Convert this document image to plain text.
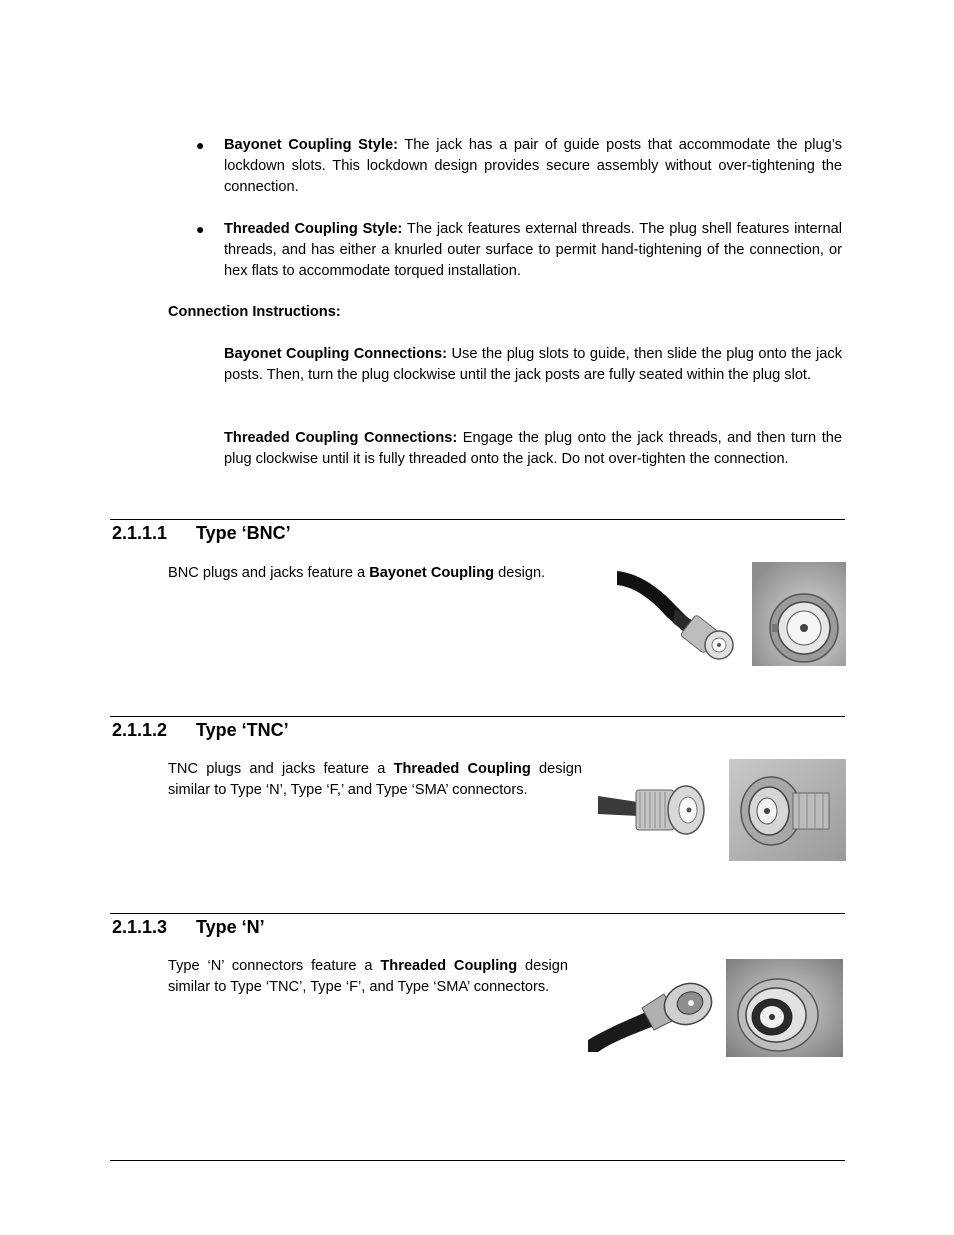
● Bayonet Coupling Style: The jack has a pair of guide posts that accommodate the plug’s lockdown slots. This lockdown design provides secure assembly without over-tightening the connection.
● Threaded Coupling Style: The jack features external threads. The plug shell features internal threads, and has either a knurled outer surface to permit hand-tightening of the connection, or hex flats to accommodate torqued installation.
Connection Instructions:
Bayonet Coupling Connections: Use the plug slots to guide, then slide the plug onto the jack posts. Then, turn the plug clockwise until the jack posts are fully seated within the plug slot.
Threaded Coupling Connections: Engage the plug onto the jack threads, and then turn the plug clockwise until it is fully threaded onto the jack. Do not over-tighten the connection.
2.1.1.1 Type ‘BNC’
BNC plugs and jacks feature a Bayonet Coupling design.
2.1.1.2 Type ‘TNC’
TNC plugs and jacks feature a Threaded Coupling design similar to Type ‘N’, Type ‘F,’ and Type ‘SMA’ connectors.
2.1.1.3 Type ‘N’
Type ‘N’ connectors feature a Threaded Coupling design similar to Type ‘TNC’, Type ‘F’, and Type ‘SMA’ connectors.
